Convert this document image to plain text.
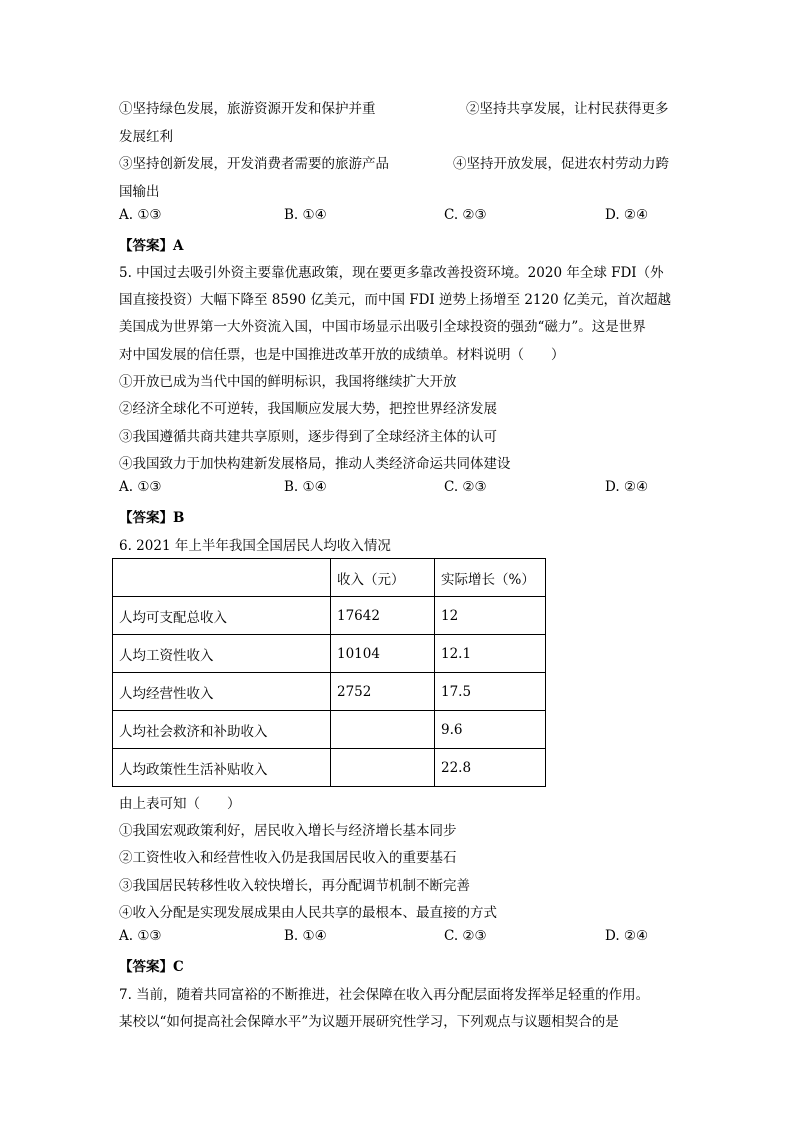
①坚持绿色发展，旅游资源开发和保护并重	②坚持共享发展，让村民获得更多
发展红利
③坚持创新发展，开发消费者需要的旅游产品	④坚持开放发展，促进农村劳动力跨
国输出
A. ①③	B. ①④	C. ②③	D. ②④
【答案】A
5. 中国过去吸引外资主要靠优惠政策，现在要更多靠改善投资环境。2020 年全球 FDI（外
国直接投资）大幅下降至 8590 亿美元，而中国 FDI 逆势上扬增至 2120 亿美元，首次超越
美国成为世界第一大外资流入国，中国市场显示出吸引全球投资的强劲“磁力”。这是世界
对中国发展的信任票，也是中国推进改革开放的成绩单。材料说明（　　）
①开放已成为当代中国的鲜明标识，我国将继续扩大开放
②经济全球化不可逆转，我国顺应发展大势，把控世界经济发展
③我国遵循共商共建共享原则，逐步得到了全球经济主体的认可
④我国致力于加快构建新发展格局，推动人类经济命运共同体建设
A. ①③	B. ①④	C. ②③	D. ②④
【答案】B
6. 2021 年上半年我国全国居民人均收入情况
	收入（元）	实际增长（%）
人均可支配总收入	17642	12
人均工资性收入	10104	12.1
人均经营性收入	2752	17.5
人均社会救济和补助收入		9.6
人均政策性生活补贴收入		22.8
由上表可知（　　）
①我国宏观政策利好，居民收入增长与经济增长基本同步
②工资性收入和经营性收入仍是我国居民收入的重要基石
③我国居民转移性收入较快增长，再分配调节机制不断完善
④收入分配是实现发展成果由人民共享的最根本、最直接的方式
A. ①③	B. ①④	C. ②③	D. ②④
【答案】C
7. 当前，随着共同富裕的不断推进，社会保障在收入再分配层面将发挥举足轻重的作用。
某校以“如何提高社会保障水平”为议题开展研究性学习，下列观点与议题相契合的是
